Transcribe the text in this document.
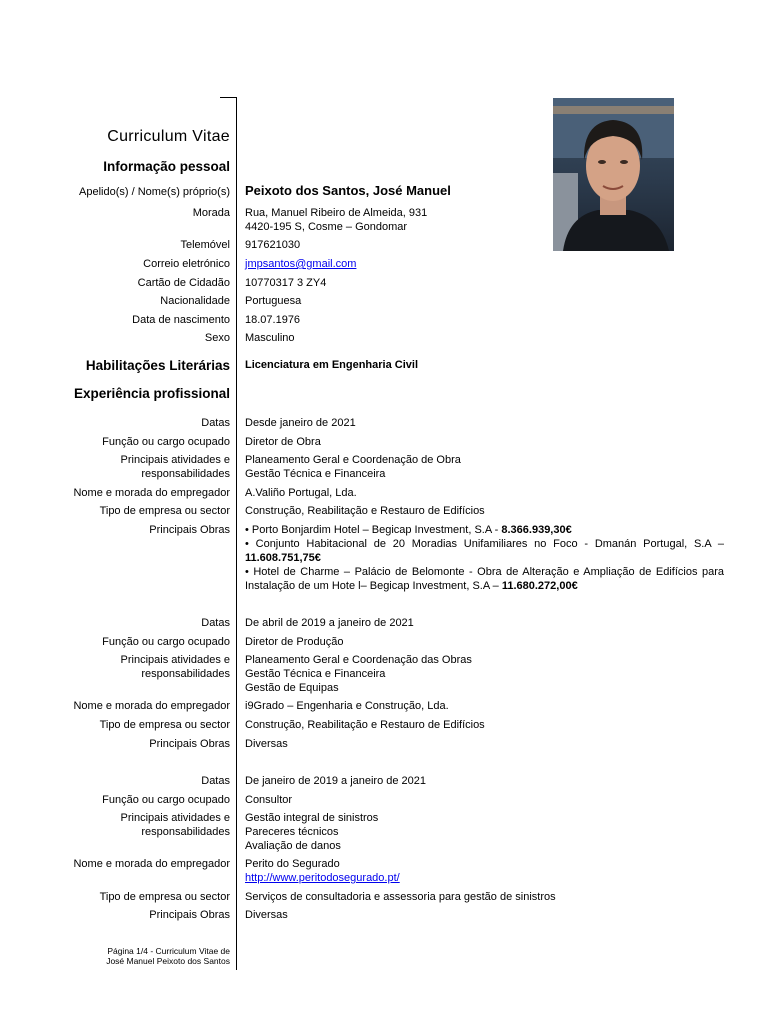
Curriculum Vitae
Informação pessoal
Apelido(s) / Nome(s) próprio(s) Peixoto dos Santos, José Manuel
Morada Rua, Manuel Ribeiro de Almeida, 931
4420-195 S, Cosme – Gondomar
Telemóvel 917621030
Correio eletrónico jmpsantos@gmail.com
Cartão de Cidadão 10770317 3 ZY4
Nacionalidade Portuguesa
Data de nascimento 18.07.1976
Sexo Masculino
Habilitações Literárias Licenciatura em Engenharia Civil
Experiência profissional
Datas Desde janeiro de 2021
Função ou cargo ocupado Diretor de Obra
Principais atividades e
responsabilidades
Planeamento Geral e Coordenação de Obra
Gestão Técnica e Financeira
Nome e morada do empregador A.Valiño Portugal, Lda.
Tipo de empresa ou sector Construção, Reabilitação e Restauro de Edifícios
Principais Obras • Porto Bonjardim Hotel – Begicap Investment, S.A - 8.366.939,30€
• Conjunto Habitacional de 20 Moradias Unifamiliares no Foco - Dmanán Portugal, S.A – 11.608.751,75€
• Hotel de Charme – Palácio de Belomonte - Obra de Alteração e Ampliação de Edifícios para Instalação de um Hote l– Begicap Investment, S.A – 11.680.272,00€
Datas De abril de 2019 a janeiro de 2021
Função ou cargo ocupado Diretor de Produção
Principais atividades e
responsabilidades
Planeamento Geral e Coordenação das Obras
Gestão Técnica e Financeira
Gestão de Equipas
Nome e morada do empregador i9Grado – Engenharia e Construção, Lda.
Tipo de empresa ou sector Construção, Reabilitação e Restauro de Edifícios
Principais Obras Diversas
Datas De janeiro de 2019 a janeiro de 2021
Função ou cargo ocupado Consultor
Principais atividades e
responsabilidades
Gestão integral de sinistros
Pareceres técnicos
Avaliação de danos
Nome e morada do empregador Perito do Segurado
http://www.peritodosegurado.pt/
Tipo de empresa ou sector Serviços de consultadoria e assessoria para gestão de sinistros
Principais Obras Diversas
Página 1/4 - Curriculum Vitae de
José Manuel Peixoto dos Santos
